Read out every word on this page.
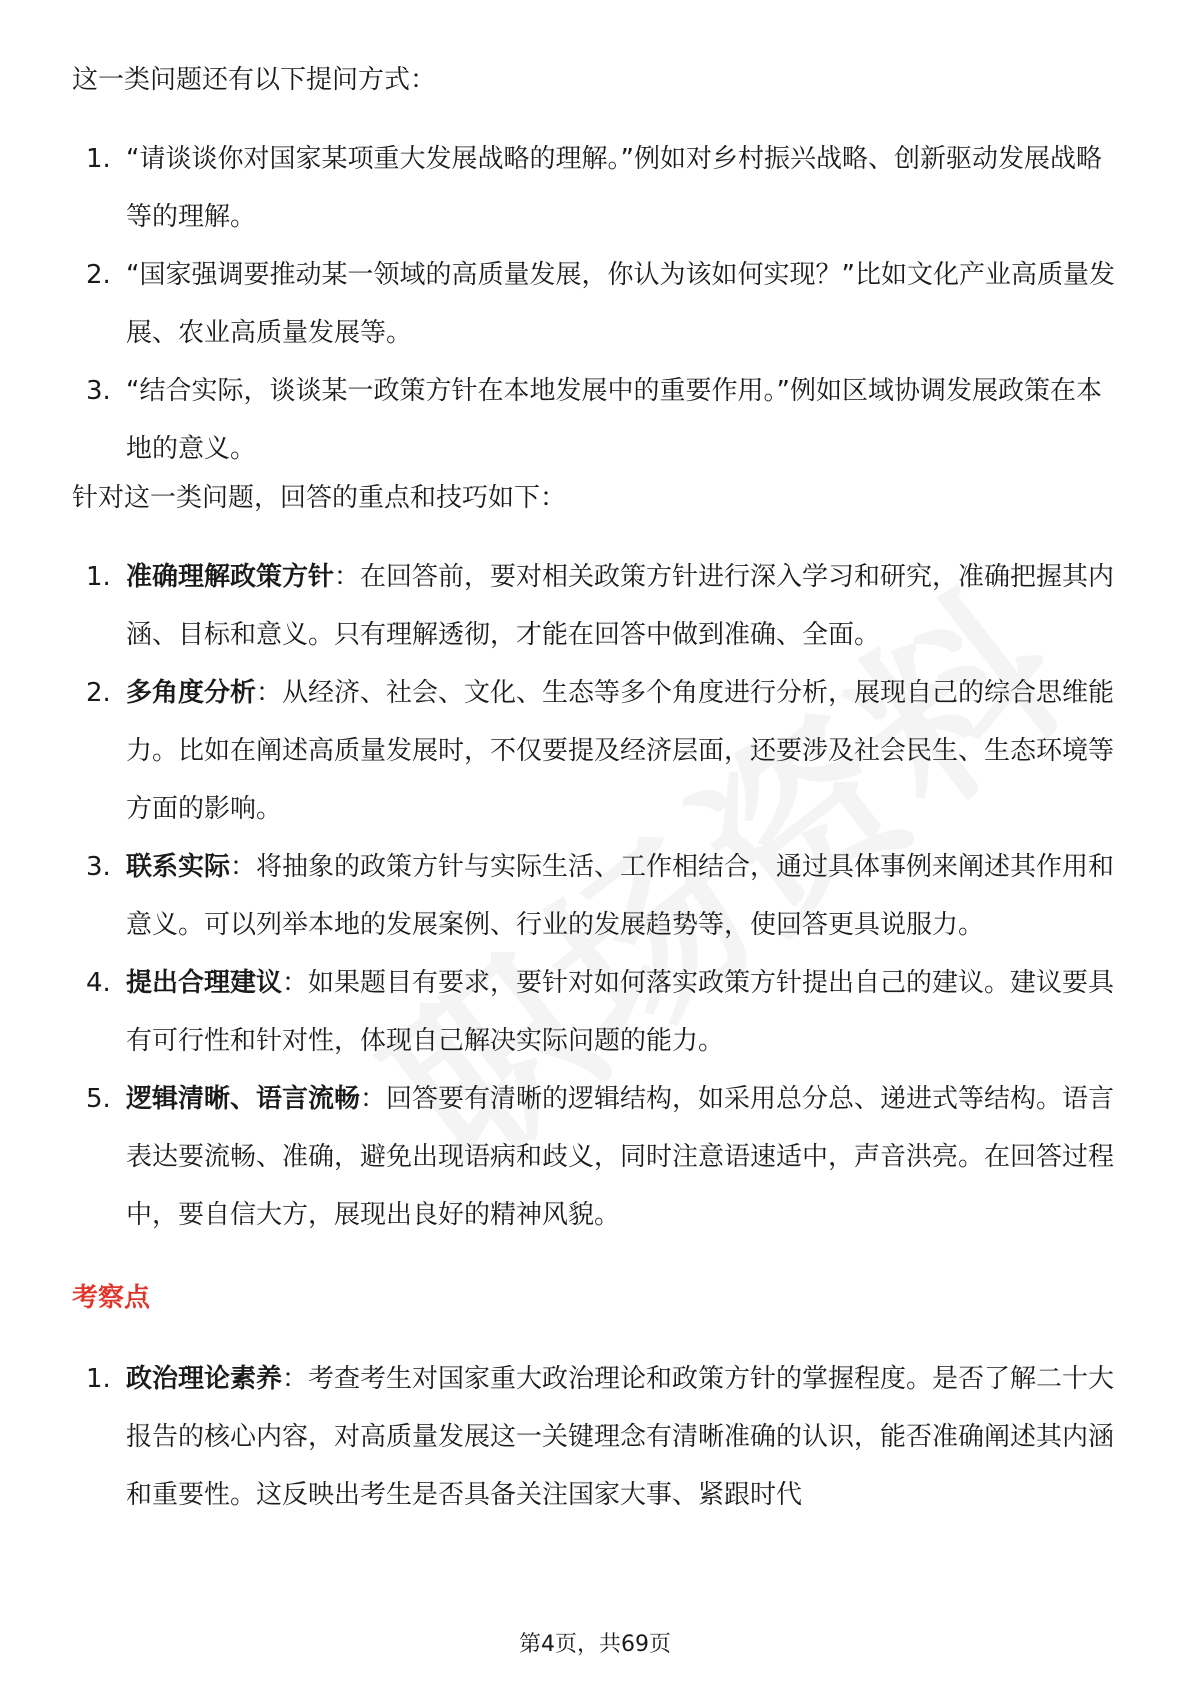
这一类问题还有以下提问方式：

1. “请谈谈你对国家某项重大发展战略的理解。”例如对乡村振兴战略、创新驱动发展战略等的理解。
2. “国家强调要推动某一领域的高质量发展，你认为该如何实现？”比如文化产业高质量发展、农业高质量发展等。
3. “结合实际，谈谈某一政策方针在本地发展中的重要作用。”例如区域协调发展政策在本地的意义。

针对这一类问题，回答的重点和技巧如下：

1. 准确理解政策方针：在回答前，要对相关政策方针进行深入学习和研究，准确把握其内涵、目标和意义。只有理解透彻，才能在回答中做到准确、全面。
2. 多角度分析：从经济、社会、文化、生态等多个角度进行分析，展现自己的综合思维能力。比如在阐述高质量发展时，不仅要提及经济层面，还要涉及社会民生、生态环境等方面的影响。
3. 联系实际：将抽象的政策方针与实际生活、工作相结合，通过具体事例来阐述其作用和意义。可以列举本地的发展案例、行业的发展趋势等，使回答更具说服力。
4. 提出合理建议：如果题目有要求，要针对如何落实政策方针提出自己的建议。建议要具有可行性和针对性，体现自己解决实际问题的能力。
5. 逻辑清晰、语言流畅：回答要有清晰的逻辑结构，如采用总分总、递进式等结构。语言表达要流畅、准确，避免出现语病和歧义，同时注意语速适中，声音洪亮。在回答过程中，要自信大方，展现出良好的精神风貌。
考察点
1. 政治理论素养：考查考生对国家重大政治理论和政策方针的掌握程度。是否了解二十大报告的核心内容，对高质量发展这一关键理念有清晰准确的认识，能否准确阐述其内涵和重要性。这反映出考生是否具备关注国家大事、紧跟时代
第4页，共69页
